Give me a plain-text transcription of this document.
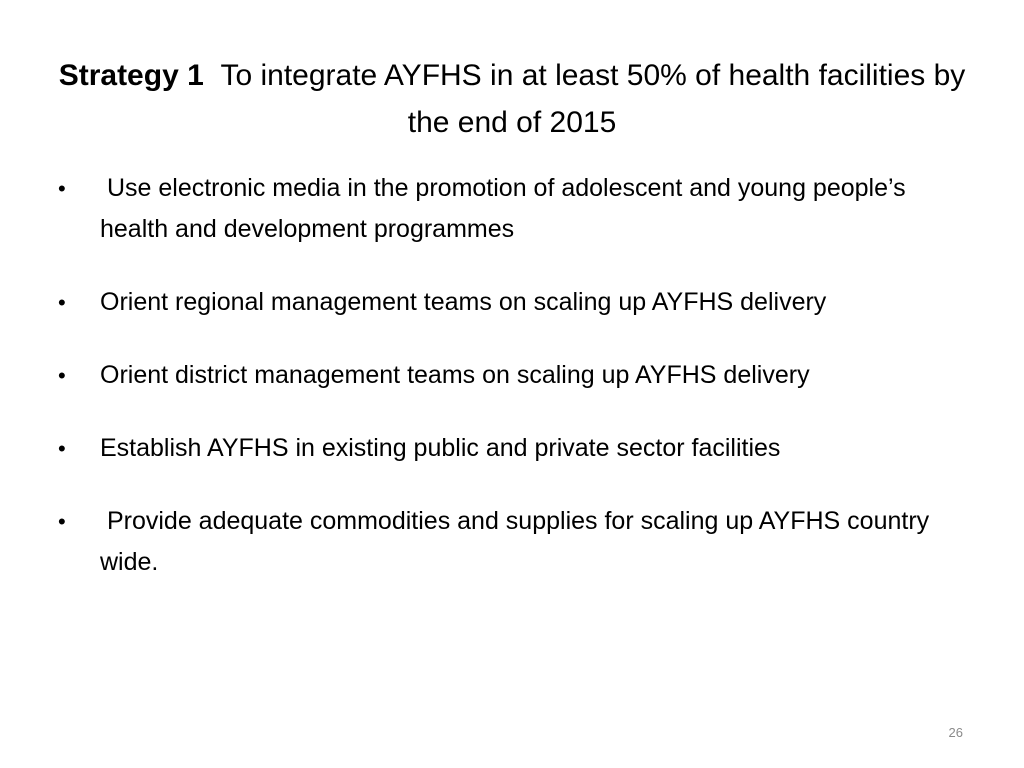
Strategy 1 To integrate AYFHS in at least 50% of health facilities by the end of 2015
•	Use electronic media in the promotion of adolescent and young people’s health and development programmes
•	Orient regional management teams on scaling up AYFHS delivery
•	Orient district management teams on scaling up AYFHS delivery
•	Establish AYFHS in existing public and private sector facilities
•	Provide adequate commodities and supplies for scaling up AYFHS country wide.
26
